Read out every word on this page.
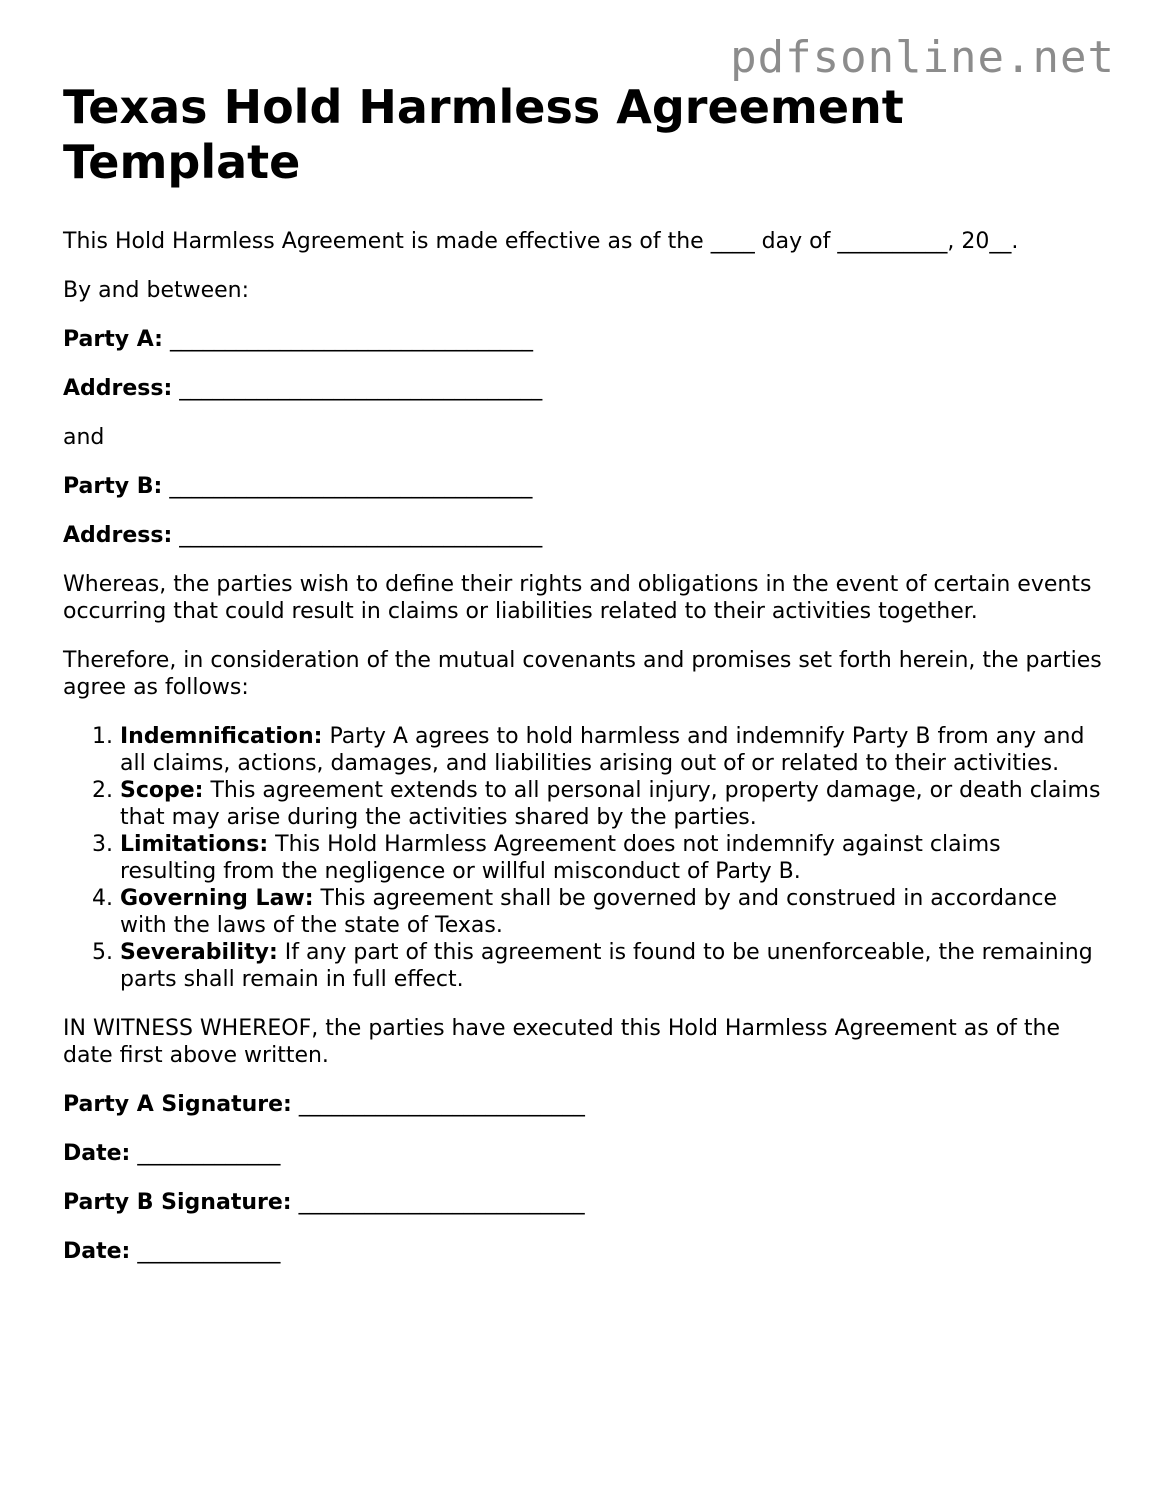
pdfsonline.net
Texas Hold Harmless Agreement Template

This Hold Harmless Agreement is made effective as of the ____ day of __________, 20__.

By and between:

Party A: _________________________________

Address: _________________________________

and

Party B: _________________________________

Address: _________________________________

Whereas, the parties wish to define their rights and obligations in the event of certain events occurring that could result in claims or liabilities related to their activities together.

Therefore, in consideration of the mutual covenants and promises set forth herein, the parties agree as follows:

1. Indemnification: Party A agrees to hold harmless and indemnify Party B from any and all claims, actions, damages, and liabilities arising out of or related to their activities.
2. Scope: This agreement extends to all personal injury, property damage, or death claims that may arise during the activities shared by the parties.
3. Limitations: This Hold Harmless Agreement does not indemnify against claims resulting from the negligence or willful misconduct of Party B.
4. Governing Law: This agreement shall be governed by and construed in accordance with the laws of the state of Texas.
5. Severability: If any part of this agreement is found to be unenforceable, the remaining parts shall remain in full effect.

IN WITNESS WHEREOF, the parties have executed this Hold Harmless Agreement as of the date first above written.

Party A Signature: __________________________

Date: _____________

Party B Signature: __________________________

Date: _____________
